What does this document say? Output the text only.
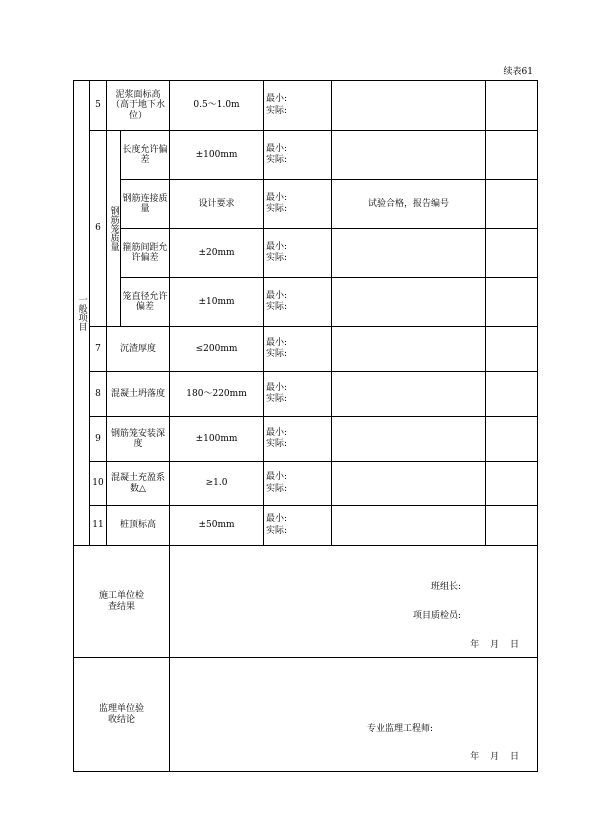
续表61
一般项目	5	泥浆面标高（高于地下水位）		0.5～1.0m	最小:
实际:		

	6	钢筋笼质量	长度允许偏差	±100mm	最小:
实际:		

			钢筋连接质量	设计要求	最小:
实际:	试验合格，报告编号	
			箍筋间距允许偏差	±20mm	最小:
实际:		

			笼直径允许偏差	±10mm	最小:
实际:		

	7	沉渣厚度		≤200mm	最小:
实际:		

	8	混凝土坍落度		180～220mm	最小:
实际:		

	9	钢筋笼安装深度		±100mm	最小:
实际:		

	10	混凝土充盈系数△		≥1.0	最小:
实际:		

	11	桩顶标高		±50mm	最小:
实际:		

施工单位检查结果				班组长:
项目质检员:
年 月 日			

监理单位验收结论				专业监理工程师:
年 月 日			
